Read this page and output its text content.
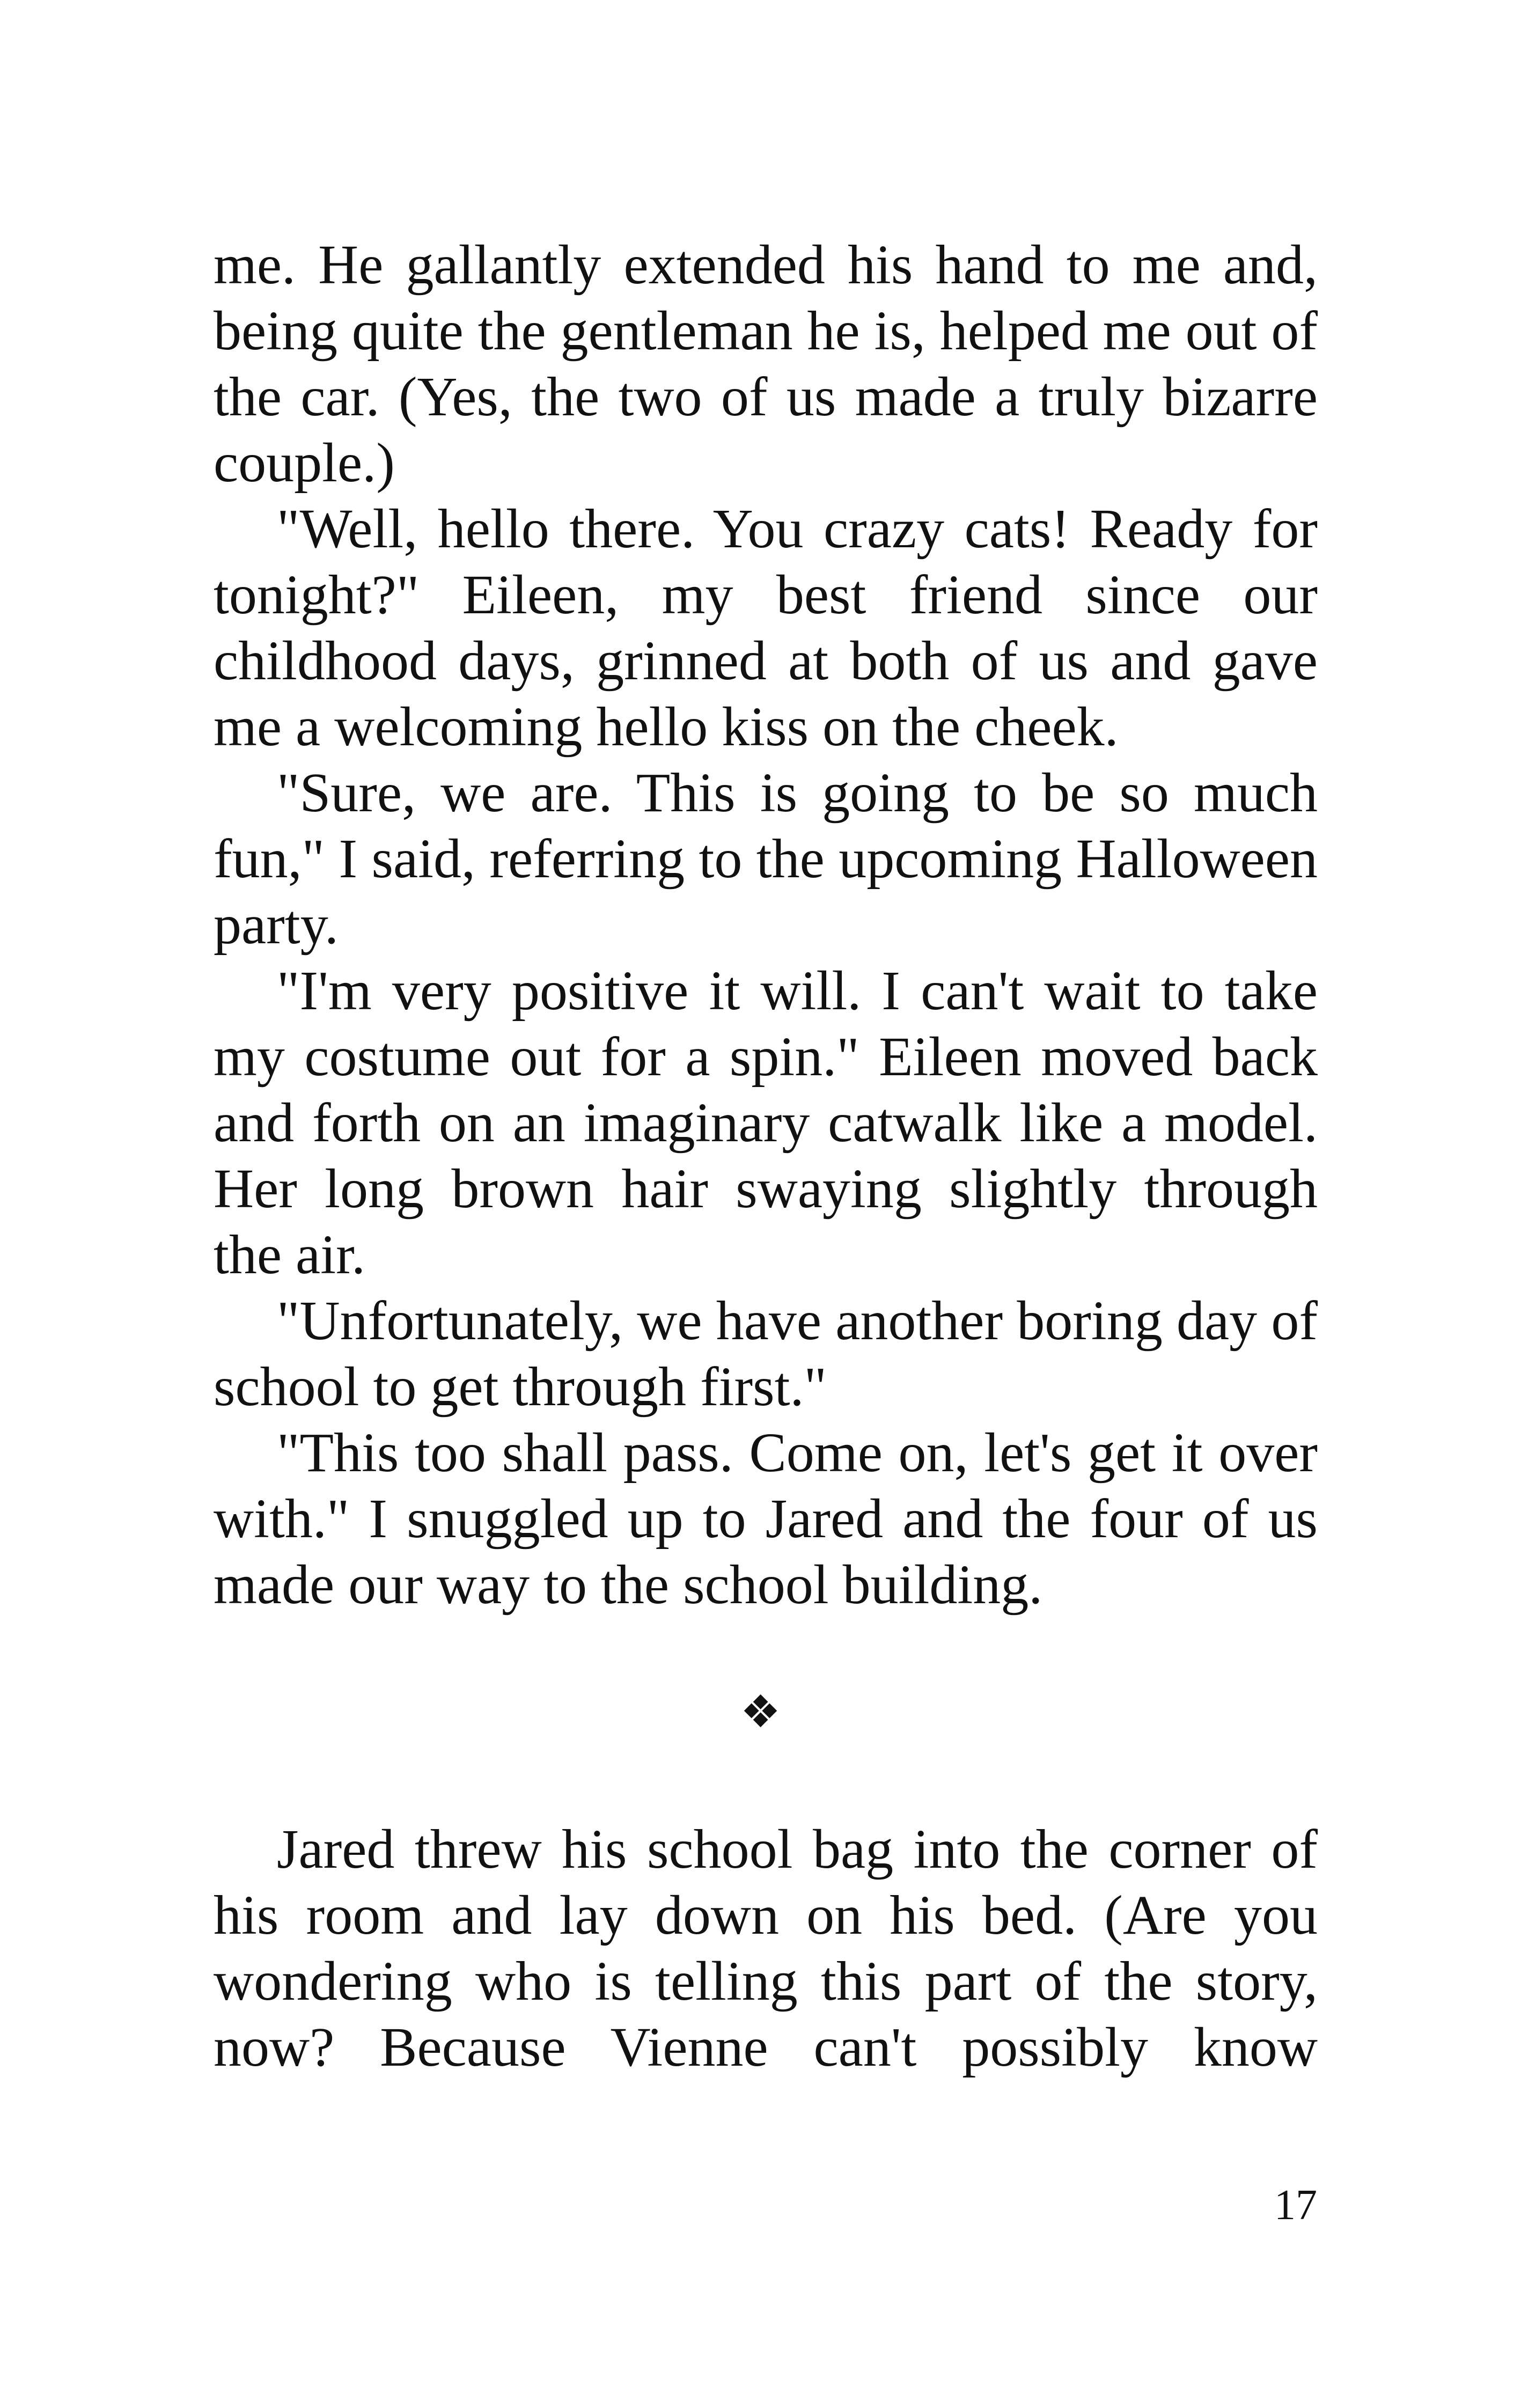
me. He gallantly extended his hand to me and, being quite the gentleman he is, helped me out of the car. (Yes, the two of us made a truly bizarre couple.)

"Well, hello there. You crazy cats! Ready for tonight?" Eileen, my best friend since our childhood days, grinned at both of us and gave me a welcoming hello kiss on the cheek.

"Sure, we are. This is going to be so much fun," I said, referring to the upcoming Halloween party.

"I'm very positive it will. I can't wait to take my costume out for a spin." Eileen moved back and forth on an imaginary catwalk like a model. Her long brown hair swaying slightly through the air.

"Unfortunately, we have another boring day of school to get through first."

"This too shall pass. Come on, let's get it over with." I snuggled up to Jared and the four of us made our way to the school building.

❖

Jared threw his school bag into the corner of his room and lay down on his bed. (Are you wondering who is telling this part of the story, now? Because Vienne can't possibly know

17
